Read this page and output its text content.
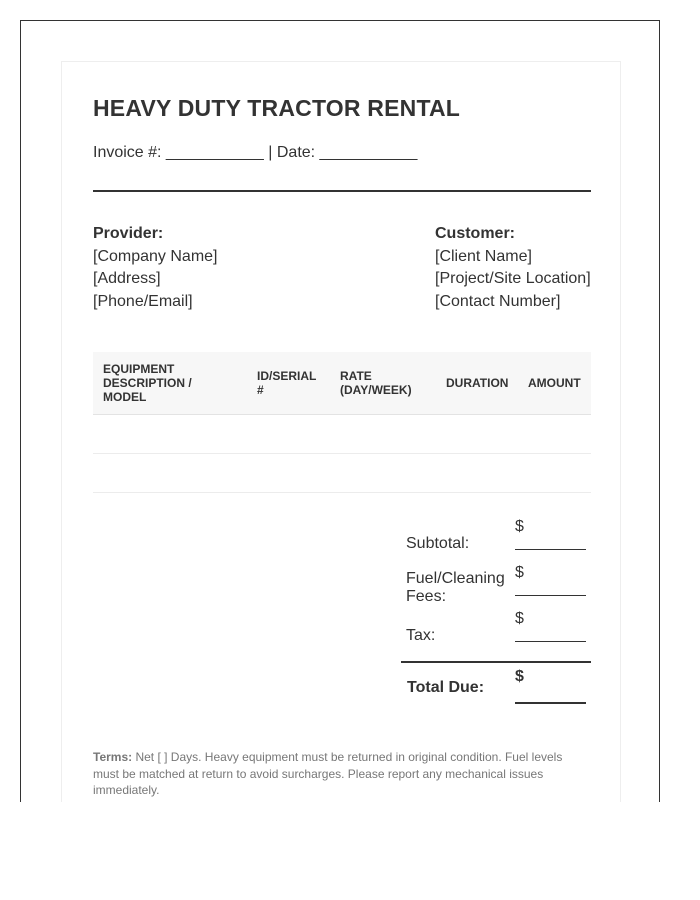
HEAVY DUTY TRACTOR RENTAL
Invoice #: ___________ | Date: ___________
Provider:
[Company Name]
[Address]
[Phone/Email]
Customer:
[Client Name]
[Project/Site Location]
[Contact Number]
EQUIPMENT DESCRIPTION / MODEL
ID/SERIAL #
RATE (DAY/WEEK)	DURATION AMOUNT
Subtotal:
$
Fuel/Cleaning Fees:
$
Tax:
$
Total Due:
$
Terms: Net [ ] Days. Heavy equipment must be returned in original condition. Fuel levels must be matched at return to avoid surcharges. Please report any mechanical issues immediately.
